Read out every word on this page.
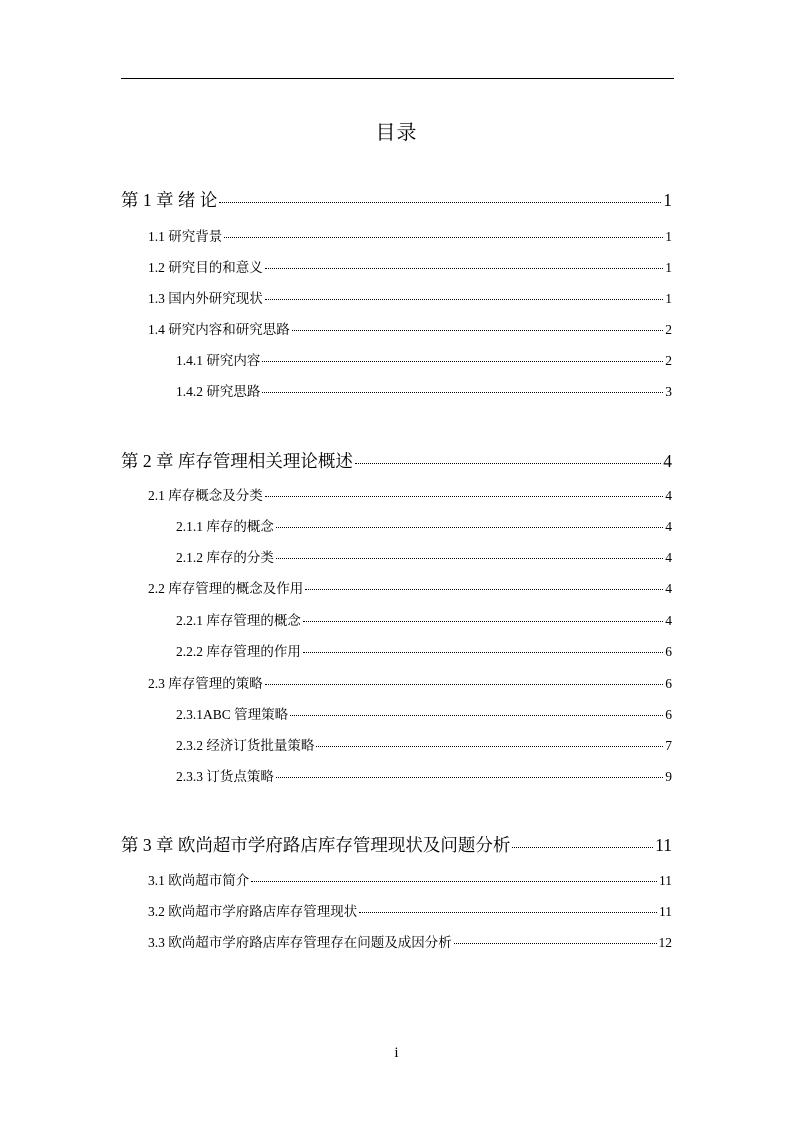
目录
第 1 章 绪 论	1
1.1 研究背景	1
1.2 研究目的和意义	1
1.3 国内外研究现状	1
1.4 研究内容和研究思路	2
1.4.1 研究内容	2
1.4.2 研究思路	3
第 2 章 库存管理相关理论概述	4
2.1 库存概念及分类	4
2.1.1 库存的概念	4
2.1.2 库存的分类	4
2.2 库存管理的概念及作用	4
2.2.1 库存管理的概念	4
2.2.2 库存管理的作用	6
2.3 库存管理的策略	6
2.3.1ABC 管理策略	6
2.3.2 经济订货批量策略	7
2.3.3 订货点策略	9
第 3 章 欧尚超市学府路店库存管理现状及问题分析	11
3.1 欧尚超市简介	11
3.2 欧尚超市学府路店库存管理现状	11
3.3 欧尚超市学府路店库存管理存在问题及成因分析	12
i
